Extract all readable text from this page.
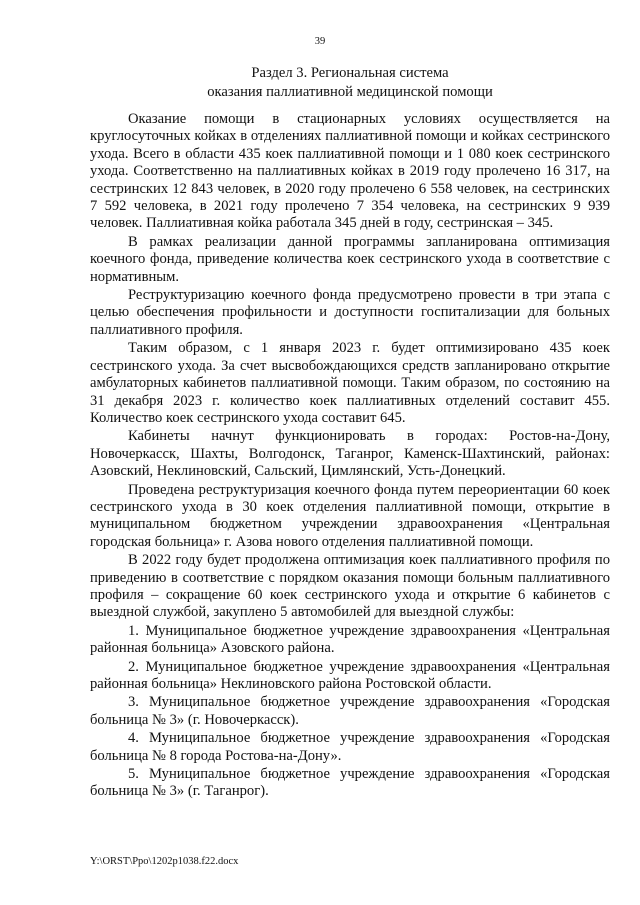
39
Раздел 3. Региональная система
оказания паллиативной медицинской помощи

Оказание помощи в стационарных условиях осуществляется на круглосуточных койках в отделениях паллиативной помощи и койках сестринского ухода. Всего в области 435 коек паллиативной помощи и 1 080 коек сестринского ухода. Соответственно на паллиативных койках в 2019 году пролечено 16 317, на сестринских 12 843 человек, в 2020 году пролечено 6 558 человек, на сестринских 7 592 человека, в 2021 году пролечено 7 354 человека, на сестринских 9 939 человек. Паллиативная койка работала 345 дней в году, сестринская – 345.

В рамках реализации данной программы запланирована оптимизация коечного фонда, приведение количества коек сестринского ухода в соответствие с нормативным.

Реструктуризацию коечного фонда предусмотрено провести в три этапа с целью обеспечения профильности и доступности госпитализации для больных паллиативного профиля.

Таким образом, с 1 января 2023 г. будет оптимизировано 435 коек сестринского ухода. За счет высвобождающихся средств запланировано открытие амбулаторных кабинетов паллиативной помощи. Таким образом, по состоянию на 31 декабря 2023 г. количество коек паллиативных отделений составит 455. Количество коек сестринского ухода составит 645.

Кабинеты начнут функционировать в городах: Ростов-на-Дону, Новочеркасск, Шахты, Волгодонск, Таганрог, Каменск-Шахтинский, районах: Азовский, Неклиновский, Сальский, Цимлянский, Усть-Донецкий.

Проведена реструктуризация коечного фонда путем переориентации 60 коек сестринского ухода в 30 коек отделения паллиативной помощи, открытие в муниципальном бюджетном учреждении здравоохранения «Центральная городская больница» г. Азова нового отделения паллиативной помощи.

В 2022 году будет продолжена оптимизация коек паллиативного профиля по приведению в соответствие с порядком оказания помощи больным паллиативного профиля – сокращение 60 коек сестринского ухода и открытие 6 кабинетов с выездной службой, закуплено 5 автомобилей для выездной службы:

1. Муниципальное бюджетное учреждение здравоохранения «Центральная районная больница» Азовского района.

2. Муниципальное бюджетное учреждение здравоохранения «Центральная районная больница» Неклиновского района Ростовской области.

3. Муниципальное бюджетное учреждение здравоохранения «Городская больница № 3» (г. Новочеркасск).

4. Муниципальное бюджетное учреждение здравоохранения «Городская больница № 8 города Ростова-на-Дону».

5. Муниципальное бюджетное учреждение здравоохранения «Городская больница № 3» (г. Таганрог).

Y:\ORST\Ppo\1202p1038.f22.docx
